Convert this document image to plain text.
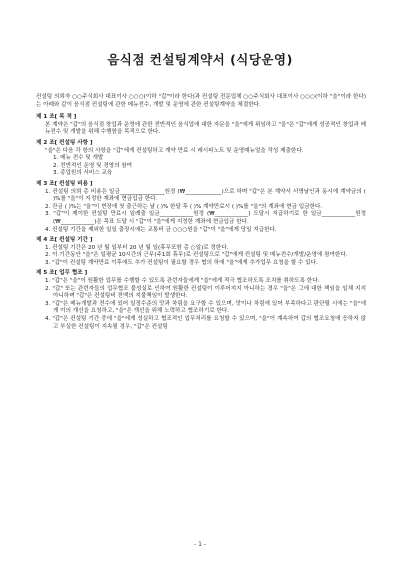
음식점 컨설팅계약서 (식당운영)

컨설팅 의뢰자 ○○주식회사 대표이사 ○○○(이하 "갑"이라 한다)과 컨설팅 전문업체 ○○주식회사 대표이사 ○○○(이하 "을"이라 한다)는 아래와 같이 음식점 컨설팅에 관한 메뉴전수, 개발 및 운영에 관한 컨설팅계약을 체결한다.

제 1 조[ 목 적 ]

본 계약은 "갑"의 음식점 창업과 운영에 관한 전반적인 음식업에 대한 자문을 "을"에게 위임하고 "을"은 "갑"에게 성공적인 창업과 메뉴전수 및 개발을 위해 수행함을 목적으로 한다.

제 2 조[ 컨설팅 사항 ]

"을"은 다음 각 항의 사항을 "갑"에게 컨설팅하고 계약 만료 시 레시피노트 및 운영매뉴얼을 작성 제출한다.

1. 메뉴 전수 및 개발

2. 전반적인 운영 및 경영의 참여

3. 종업원의 서비스 교육

제 3 조[ 컨설팅 비용 ]

1. 컨설팅 의뢰 총 비용은 일금________________원정 (₩_____________)으로 하며 "갑"은 본 계약서 서명날인과 동시에 계약금의 ( )%를 "을"이 지정한 계좌에 현금입금 한다.

2. 잔금 ( )%는 "을"이 현장에 첫 출근하는 날 ( )% 한달 후 ( )% 계약만료시 ( )%를 "을"의 계좌에 현금 입금한다.

3. "갑"이 제이한 컨설팅 만료시 일례출 일금____________원정 (₩____________) 도달시 지급하기로 한 일금____________원정 (₩____________)은 목표 도달 시 "갑"이 "을"에게 지정한 계좌에 현금입금 한다.

4. 컨설팅 기간을 제외한 일일 출장시에는 교통비 금 ○○○원을 "갑"이 "을"에게 당일 지급한다.

제 4 조[ 컨설팅 기간 ]

1. 컨설팅 기간은 20 년 월 일부터 20 년 월 일(휴무포함 총 ○일)로 정한다.

2. 이 기간동안 "을"은 일평균 10시간의 근무(주1회 휴무)로 컨설팅으로 "갑"에게 컨설팅 및 메뉴전수/개발/운영에 참여한다.

3. "갑"이 컨설팅 계약만료 이후에도 추가 컨설팅이 필요할 경우 협의 하에 "을"에게 추가업무 요청을 할 수 있다.

제 5 조[ 업무 협조 ]

1. "갑"은 "을"이 원활한 업무를 수행할 수 있도록 관련자들에게 "을"에게 적극 협조하도록 조치를 취하도록 한다.

2. "갑" 또는 관련자들의 업무협조 불성실로 인하여 원활한 컨설팅이 이루어지지 아니하는 경우 "을"은 그에 대한 책임을 일체 지지 아니하며 "갑"은 컨설팅비 전액의 지불책임이 발생한다.

3. "갑"은 메뉴개발과 전수에 있어 일정수준의 맛과 차림을 요구할 수 있으며, 맛이나 차림에 있어 부족하다고 판단될 시에는 "을"에게 이의 개선을 요청하고, "을"은 개선을 위해 노력하고 협조하기로 한다.

4. "갑"은 컨설팅 기간 중에 "을"에게 성실하고 협조적인 업무처리를 요청할 수 있으며, "을"이 계속하여 갑의 협조요청에 응하지 않고 부실한 컨설팅이 지속될 경우, "갑"은 컨설팅

- 1 -
